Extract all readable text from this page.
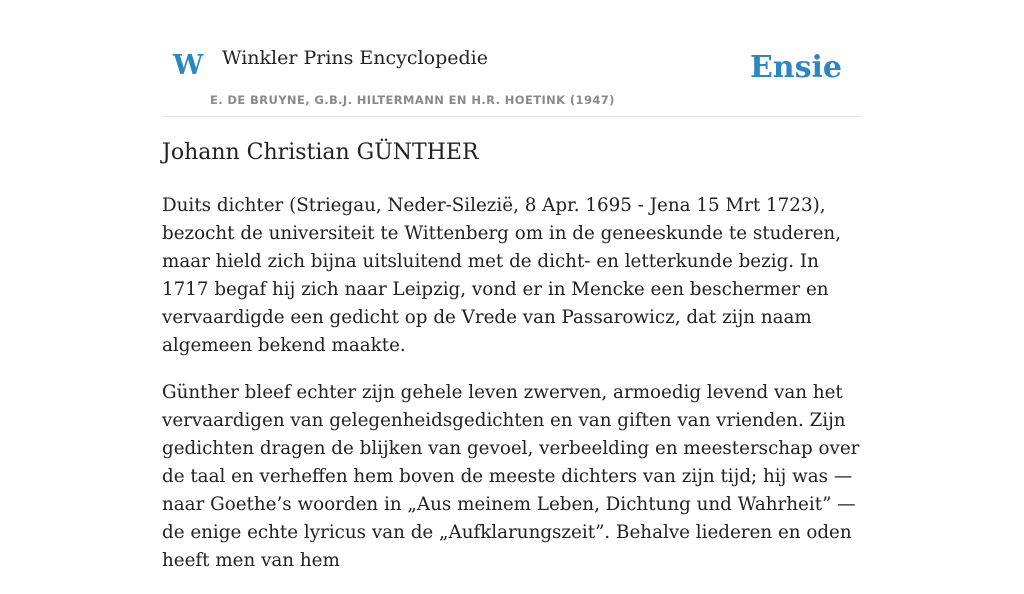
W Winkler Prins Encyclopedie
E. DE BRUYNE, G.B.J. HILTERMANN EN H.R. HOETINK (1947)
Ensie
Johann Christian GÜNTHER

Duits dichter (Striegau, Neder-Silezië, 8 Apr. 1695 - Jena 15 Mrt 1723), bezocht de universiteit te Wittenberg om in de geneeskunde te studeren, maar hield zich bijna uitsluitend met de dicht- en letterkunde bezig. In 1717 begaf hij zich naar Leipzig, vond er in Mencke een beschermer en vervaardigde een gedicht op de Vrede van Passarowicz, dat zijn naam algemeen bekend maakte.

Günther bleef echter zijn gehele leven zwerven, armoedig levend van het vervaardigen van gelegenheidsgedichten en van giften van vrienden. Zijn gedichten dragen de blijken van gevoel, verbeelding en meesterschap over de taal en verheffen hem boven de meeste dichters van zijn tijd; hij was — naar Goethe’s woorden in „Aus meinem Leben, Dichtung und Wahrheit” — de enige echte lyricus van de „Aufklarungszeit”. Behalve liederen en oden heeft men van hem
